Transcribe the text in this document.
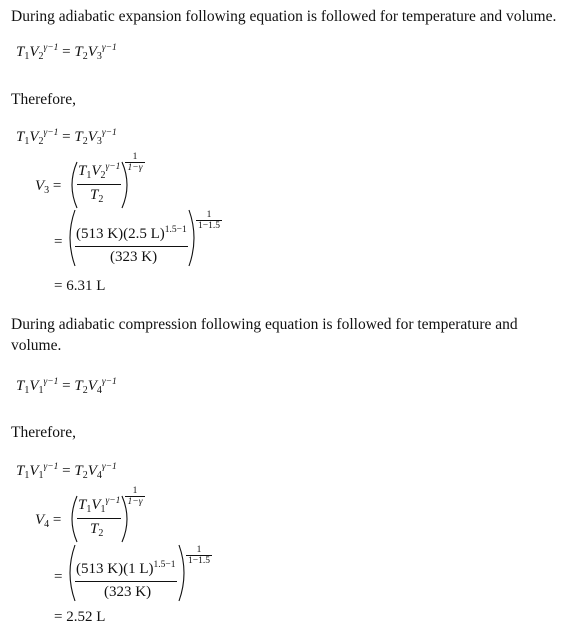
During adiabatic expansion following equation is followed for temperature and volume.
$T_1V_2^{\gamma-1} = T_2V_3^{\gamma-1}$
Therefore,
$T_1V_2^{\gamma-1} = T_2V_3^{\gamma-1}$
$V_3$ =
$T_1V_2^{\gamma-1}$
$T_2$
1
1−γ
= (513 K)(2.5 L)$^{1.5-1}$
(323 K)
1
1−1.5
= 6.31 L
During adiabatic compression following equation is followed for temperature and volume.
$T_1V_1^{\gamma-1} = T_2V_4^{\gamma-1}$
Therefore,
$T_1V_1^{\gamma-1} = T_2V_4^{\gamma-1}$
$V_4$ =
$T_1V_1^{\gamma-1}$
$T_2$
1
1−γ
= (513 K)(1 L)$^{1.5-1}$
(323 K)
1
1−1.5
= 2.52 L
